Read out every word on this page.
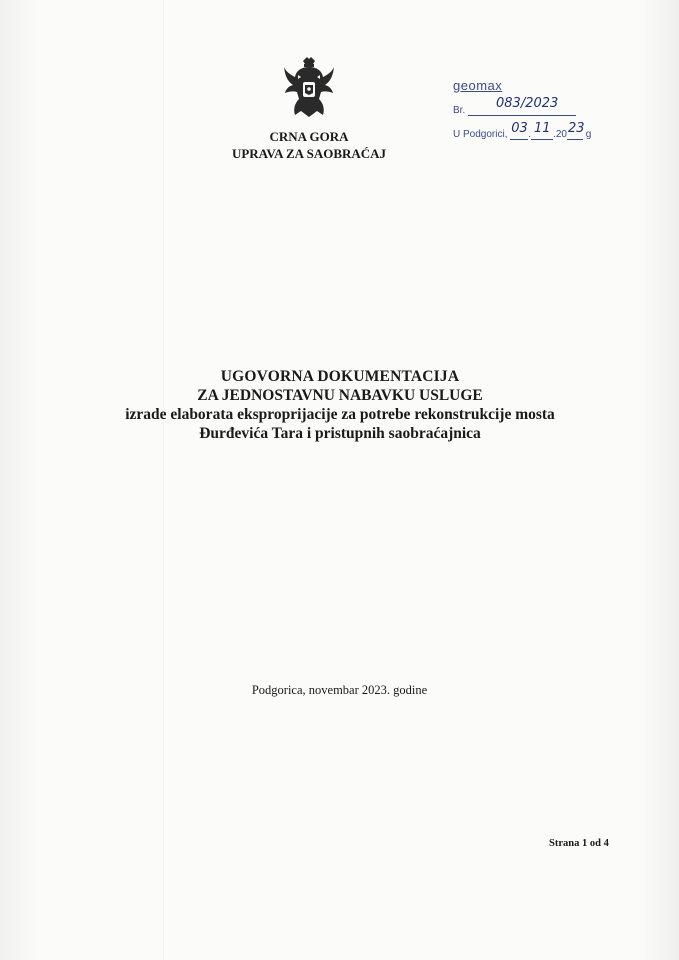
CRNA GORA
UPRAVA ZA SAOBRAĆAJ
geomax
Br. 083/2023
U Podgorici, 03 . 11 .20 23 g
UGOVORNA DOKUMENTACIJA
ZA JEDNOSTAVNU NABAVKU USLUGE
izrade elaborata eksproprijacije za potrebe rekonstrukcije mosta
Đurđevića Tara i pristupnih saobraćajnica
Podgorica, novembar 2023. godine
Strana 1 od 4
